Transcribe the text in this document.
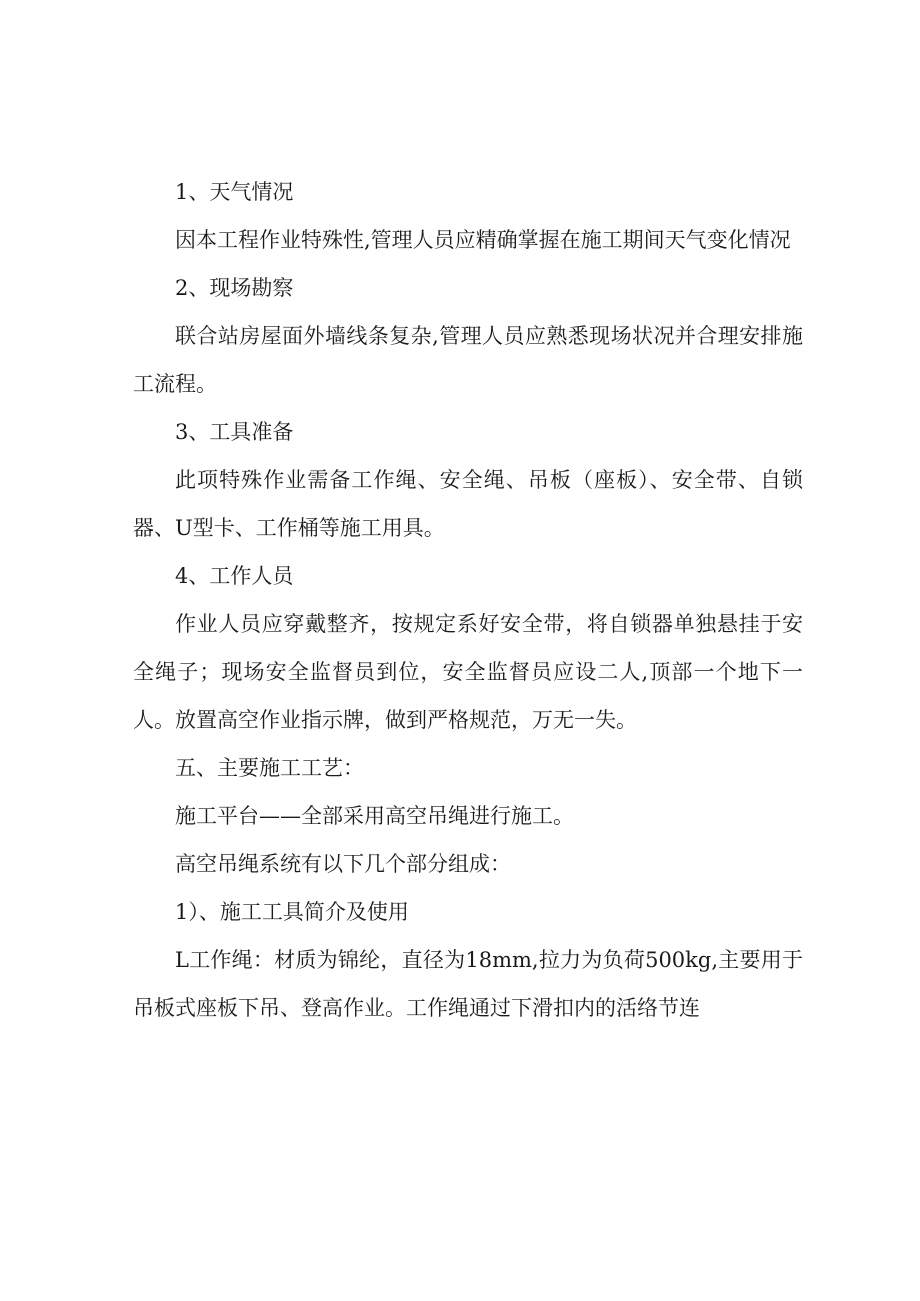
1、天气情况

因本工程作业特殊性,管理人员应精确掌握在施工期间天气变化情况

2、现场勘察

联合站房屋面外墙线条复杂,管理人员应熟悉现场状况并合理安排施工流程。

3、工具准备

此项特殊作业需备工作绳、安全绳、吊板（座板）、安全带、自锁器、U型卡、工作桶等施工用具。

4、工作人员

作业人员应穿戴整齐，按规定系好安全带，将自锁器单独悬挂于安全绳子；现场安全监督员到位，安全监督员应设二人,顶部一个地下一人。放置高空作业指示牌，做到严格规范，万无一失。

五、主要施工工艺：

施工平台——全部采用高空吊绳进行施工。

高空吊绳系统有以下几个部分组成：

1）、施工工具简介及使用

L工作绳：材质为锦纶，直径为18mm,拉力为负荷500kg,主要用于吊板式座板下吊、登高作业。工作绳通过下滑扣内的活络节连
